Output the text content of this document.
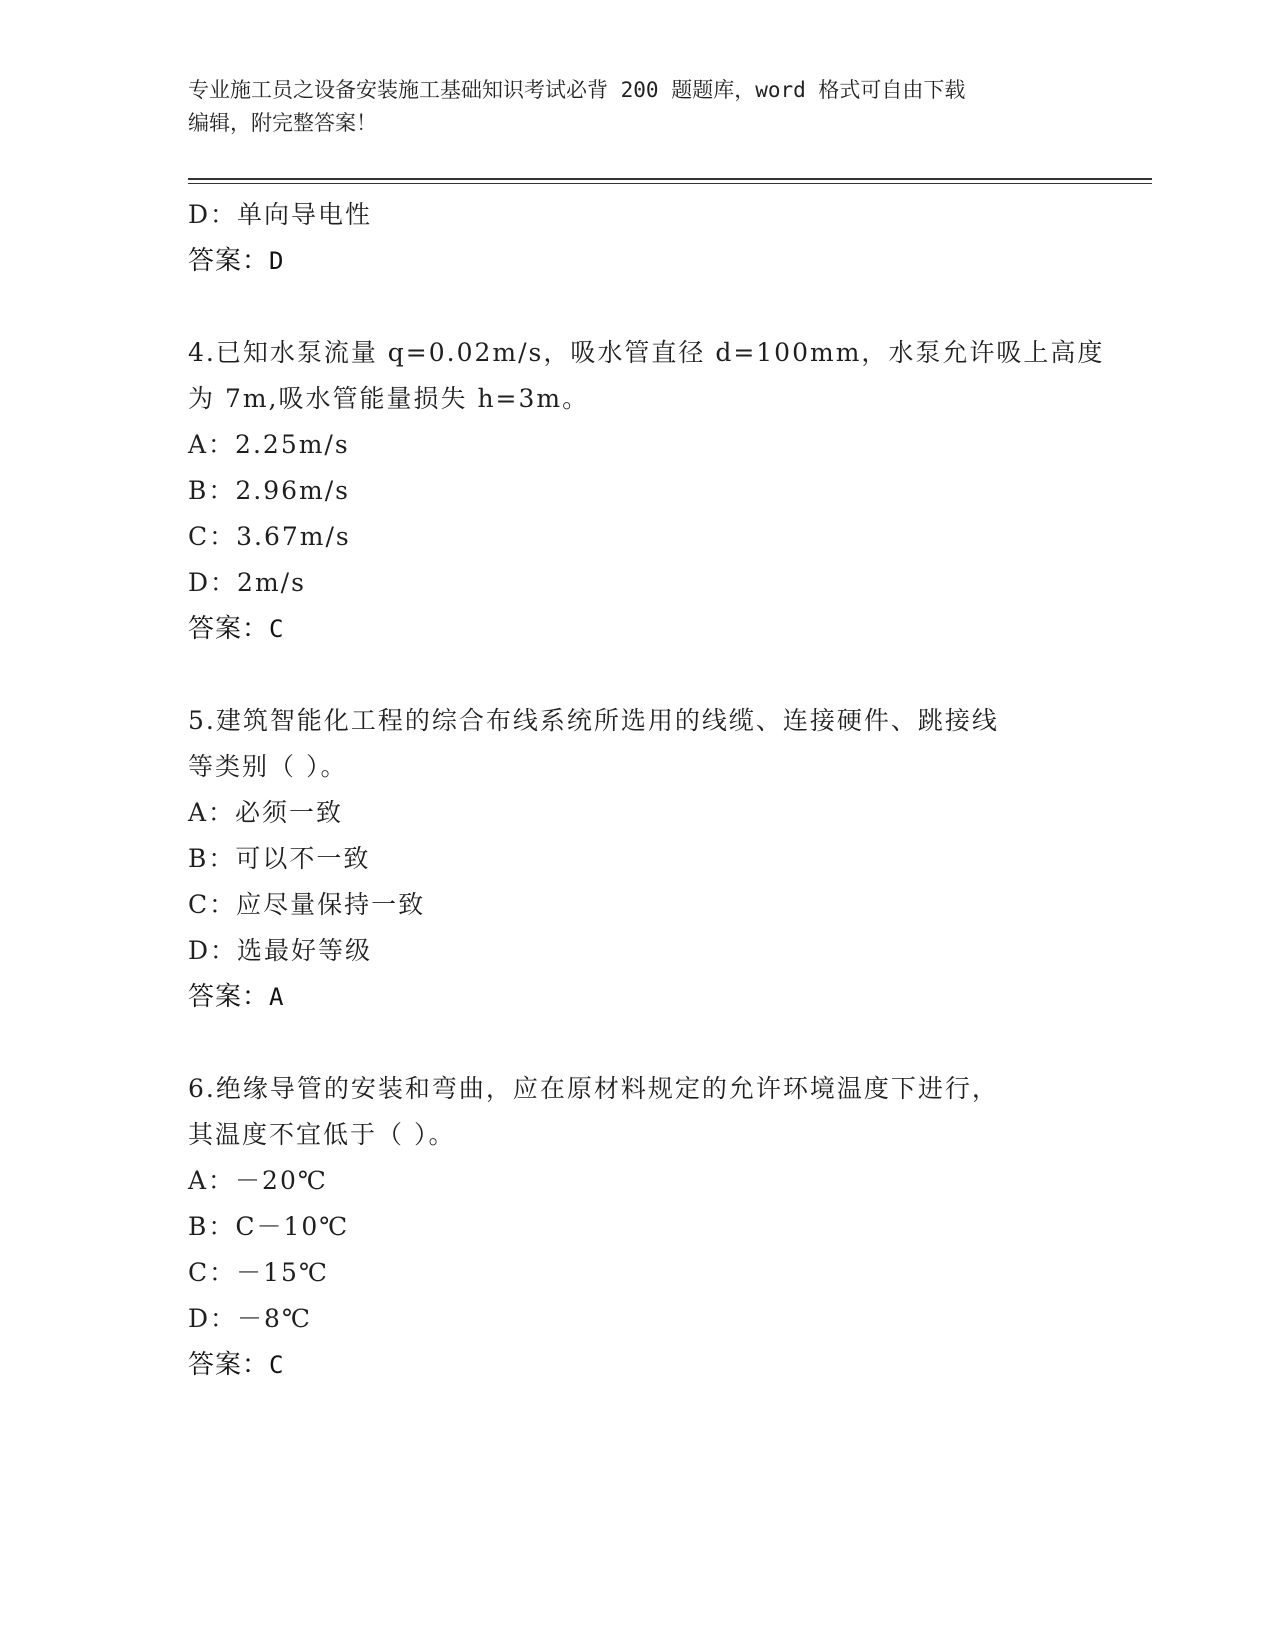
专业施工员之设备安装施工基础知识考试必背 200 题题库，word 格式可自由下载
编辑，附完整答案！
D：单向导电性
答案：D
4.已知水泵流量 q=0.02m/s，吸水管直径 d=100mm，水泵允许吸上高度
为 7m,吸水管能量损失 h=3m。
A：2.25m/s
B：2.96m/s
C：3.67m/s
D：2m/s
答案：C
5.建筑智能化工程的综合布线系统所选用的线缆、连接硬件、跳接线
等类别（ ）。
A：必须一致
B：可以不一致
C：应尽量保持一致
D：选最好等级
答案：A
6.绝缘导管的安装和弯曲，应在原材料规定的允许环境温度下进行，
其温度不宜低于（ ）。
A：－20℃
B：C－10℃
C：－15℃
D：－8℃
答案：C
